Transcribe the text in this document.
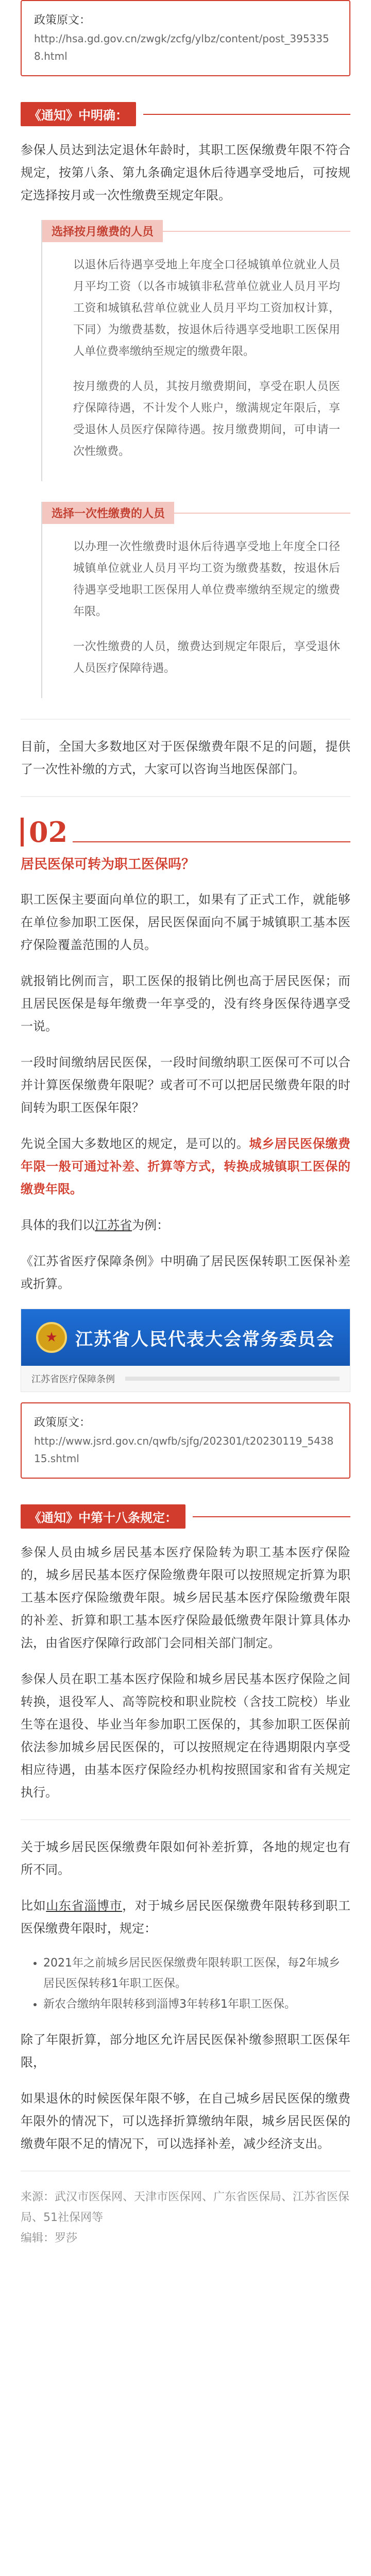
政策原文：
http://hsa.gd.gov.cn/zwgk/zcfg/ylbz/content/post_3953358.html
《通知》中明确：

参保人员达到法定退休年龄时，其职工医保缴费年限不符合规定，按第八条、第九条确定退休后待遇享受地后，可按规定选择按月或一次性缴费至规定年限。

选择按月缴费的人员

以退休后待遇享受地上年度全口径城镇单位就业人员月平均工资（以各市城镇非私营单位就业人员月平均工资和城镇私营单位就业人员月平均工资加权计算，下同）为缴费基数，按退休后待遇享受地职工医保用人单位费率缴纳至规定的缴费年限。

按月缴费的人员，其按月缴费期间，享受在职人员医疗保障待遇，不计发个人账户，缴满规定年限后，享受退休人员医疗保障待遇。按月缴费期间，可申请一次性缴费。

选择一次性缴费的人员

以办理一次性缴费时退休后待遇享受地上年度全口径城镇单位就业人员月平均工资为缴费基数，按退休后待遇享受地职工医保用人单位费率缴纳至规定的缴费年限。

一次性缴费的人员，缴费达到规定年限后，享受退休人员医疗保障待遇。

目前，全国大多数地区对于医保缴费年限不足的问题，提供了一次性补缴的方式，大家可以咨询当地医保部门。

02
居民医保可转为职工医保吗？

职工医保主要面向单位的职工，如果有了正式工作，就能够在单位参加职工医保，居民医保面向不属于城镇职工基本医疗保险覆盖范围的人员。

就报销比例而言，职工医保的报销比例也高于居民医保；而且居民医保是每年缴费一年享受的，没有终身医保待遇享受一说。

一段时间缴纳居民医保，一段时间缴纳职工医保可不可以合并计算医保缴费年限呢？或者可不可以把居民缴费年限的时间转为职工医保年限？

先说全国大多数地区的规定，是可以的。城乡居民医保缴费年限一般可通过补差、折算等方式，转换成城镇职工医保的缴费年限。

具体的我们以江苏省为例：

《江苏省医疗保障条例》中明确了居民医保转职工医保补差或折算。

★	江苏省人民代表大会常务委员会
江苏省医疗保障条例
政策原文：
http://www.jsrd.gov.cn/qwfb/sjfg/202301/t20230119_543815.shtml
《通知》中第十八条规定：

参保人员由城乡居民基本医疗保险转为职工基本医疗保险的，城乡居民基本医疗保险缴费年限可以按照规定折算为职工基本医疗保险缴费年限。城乡居民基本医疗保险缴费年限的补差、折算和职工基本医疗保险最低缴费年限计算具体办法，由省医疗保障行政部门会同相关部门制定。

参保人员在职工基本医疗保险和城乡居民基本医疗保险之间转换，退役军人、高等院校和职业院校（含技工院校）毕业生等在退役、毕业当年参加职工医保的，其参加职工医保前依法参加城乡居民医保的，可以按照规定在待遇期限内享受相应待遇，由基本医疗保险经办机构按照国家和省有关规定执行。

关于城乡居民医保缴费年限如何补差折算，各地的规定也有所不同。

比如山东省淄博市，对于城乡居民医保缴费年限转移到职工医保缴费年限时，规定：

• 2021年之前城乡居民医保缴费年限转职工医保，每2年城乡居民医保转移1年职工医保。
• 新农合缴纳年限转移到淄博3年转移1年职工医保。

除了年限折算，部分地区允许居民医保补缴参照职工医保年限，

如果退休的时候医保年限不够，在自己城乡居民医保的缴费年限外的情况下，可以选择折算缴纳年限，城乡居民医保的缴费年限不足的情况下，可以选择补差，减少经济支出。

来源：武汉市医保网、天津市医保网、广东省医保局、江苏省医保局、51社保网等
编辑：罗莎
